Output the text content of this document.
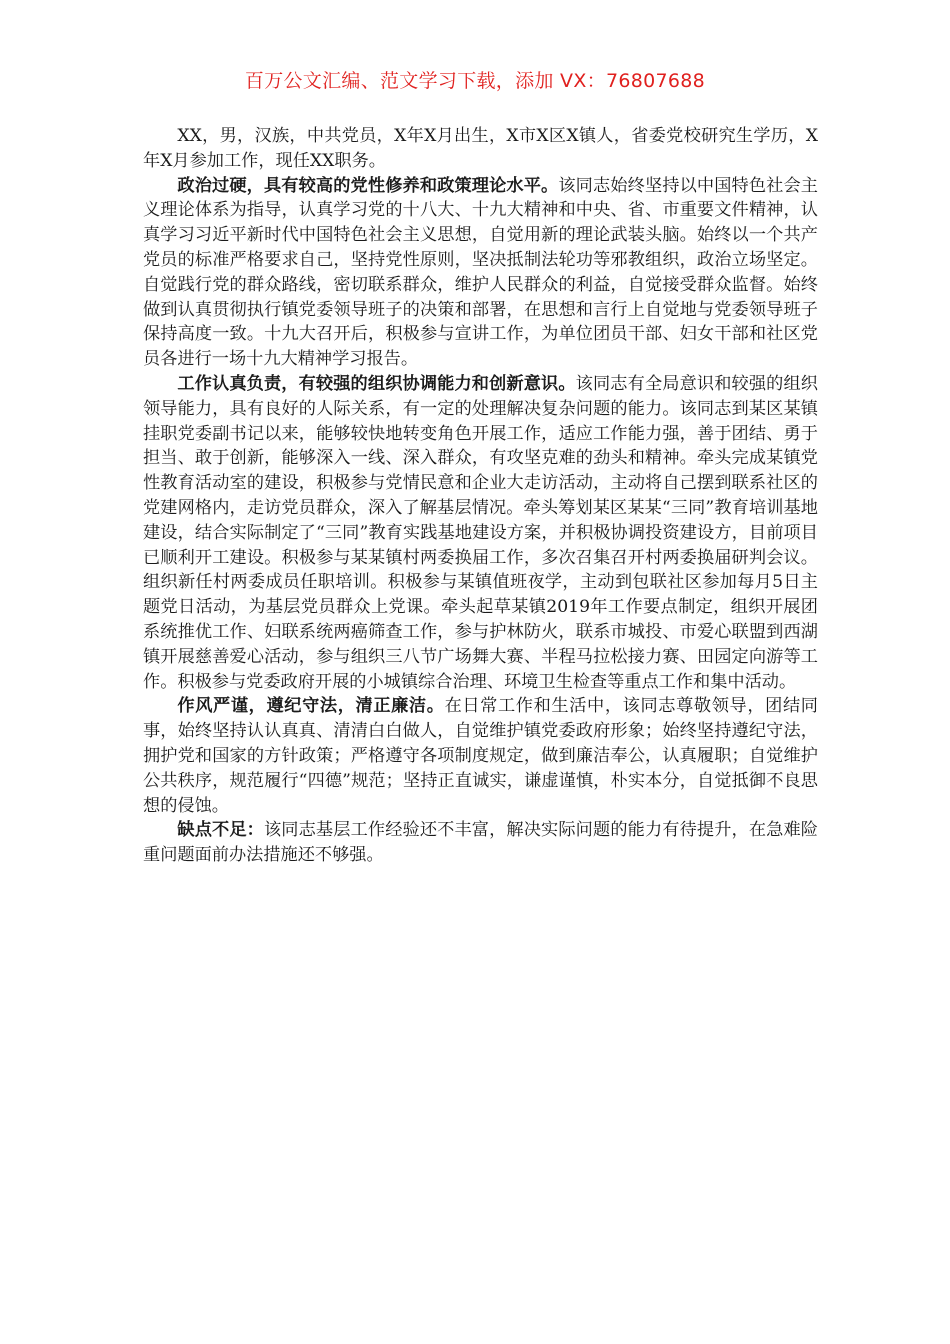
百万公文汇编、范文学习下载，添加 VX：76807688

XX，男，汉族，中共党员，X年X月出生，X市X区X镇人，省委党校研究生学历，X年X月参加工作，现任XX职务。

政治过硬，具有较高的党性修养和政策理论水平。该同志始终坚持以中国特色社会主义理论体系为指导，认真学习党的十八大、十九大精神和中央、省、市重要文件精神，认真学习习近平新时代中国特色社会主义思想，自觉用新的理论武装头脑。始终以一个共产党员的标准严格要求自己，坚持党性原则，坚决抵制法轮功等邪教组织，政治立场坚定。自觉践行党的群众路线，密切联系群众，维护人民群众的利益，自觉接受群众监督。始终做到认真贯彻执行镇党委领导班子的决策和部署，在思想和言行上自觉地与党委领导班子保持高度一致。十九大召开后，积极参与宣讲工作，为单位团员干部、妇女干部和社区党员各进行一场十九大精神学习报告。

工作认真负责，有较强的组织协调能力和创新意识。该同志有全局意识和较强的组织领导能力，具有良好的人际关系，有一定的处理解决复杂问题的能力。该同志到某区某镇挂职党委副书记以来，能够较快地转变角色开展工作，适应工作能力强，善于团结、勇于担当、敢于创新，能够深入一线、深入群众，有攻坚克难的劲头和精神。牵头完成某镇党性教育活动室的建设，积极参与党情民意和企业大走访活动，主动将自己摆到联系社区的党建网格内，走访党员群众，深入了解基层情况。牵头筹划某区某某“三同”教育培训基地建设，结合实际制定了“三同”教育实践基地建设方案，并积极协调投资建设方，目前项目已顺利开工建设。积极参与某某镇村两委换届工作，多次召集召开村两委换届研判会议。组织新任村两委成员任职培训。积极参与某镇值班夜学，主动到包联社区参加每月5日主题党日活动，为基层党员群众上党课。牵头起草某镇2019年工作要点制定，组织开展团系统推优工作、妇联系统两癌筛查工作，参与护林防火，联系市城投、市爱心联盟到西湖镇开展慈善爱心活动，参与组织三八节广场舞大赛、半程马拉松接力赛、田园定向游等工作。积极参与党委政府开展的小城镇综合治理、环境卫生检查等重点工作和集中活动。

作风严谨，遵纪守法，清正廉洁。在日常工作和生活中，该同志尊敬领导，团结同事，始终坚持认认真真、清清白白做人，自觉维护镇党委政府形象；始终坚持遵纪守法，拥护党和国家的方针政策；严格遵守各项制度规定，做到廉洁奉公，认真履职；自觉维护公共秩序，规范履行“四德”规范；坚持正直诚实，谦虚谨慎，朴实本分，自觉抵御不良思想的侵蚀。

缺点不足：该同志基层工作经验还不丰富，解决实际问题的能力有待提升，在急难险重问题面前办法措施还不够强。
